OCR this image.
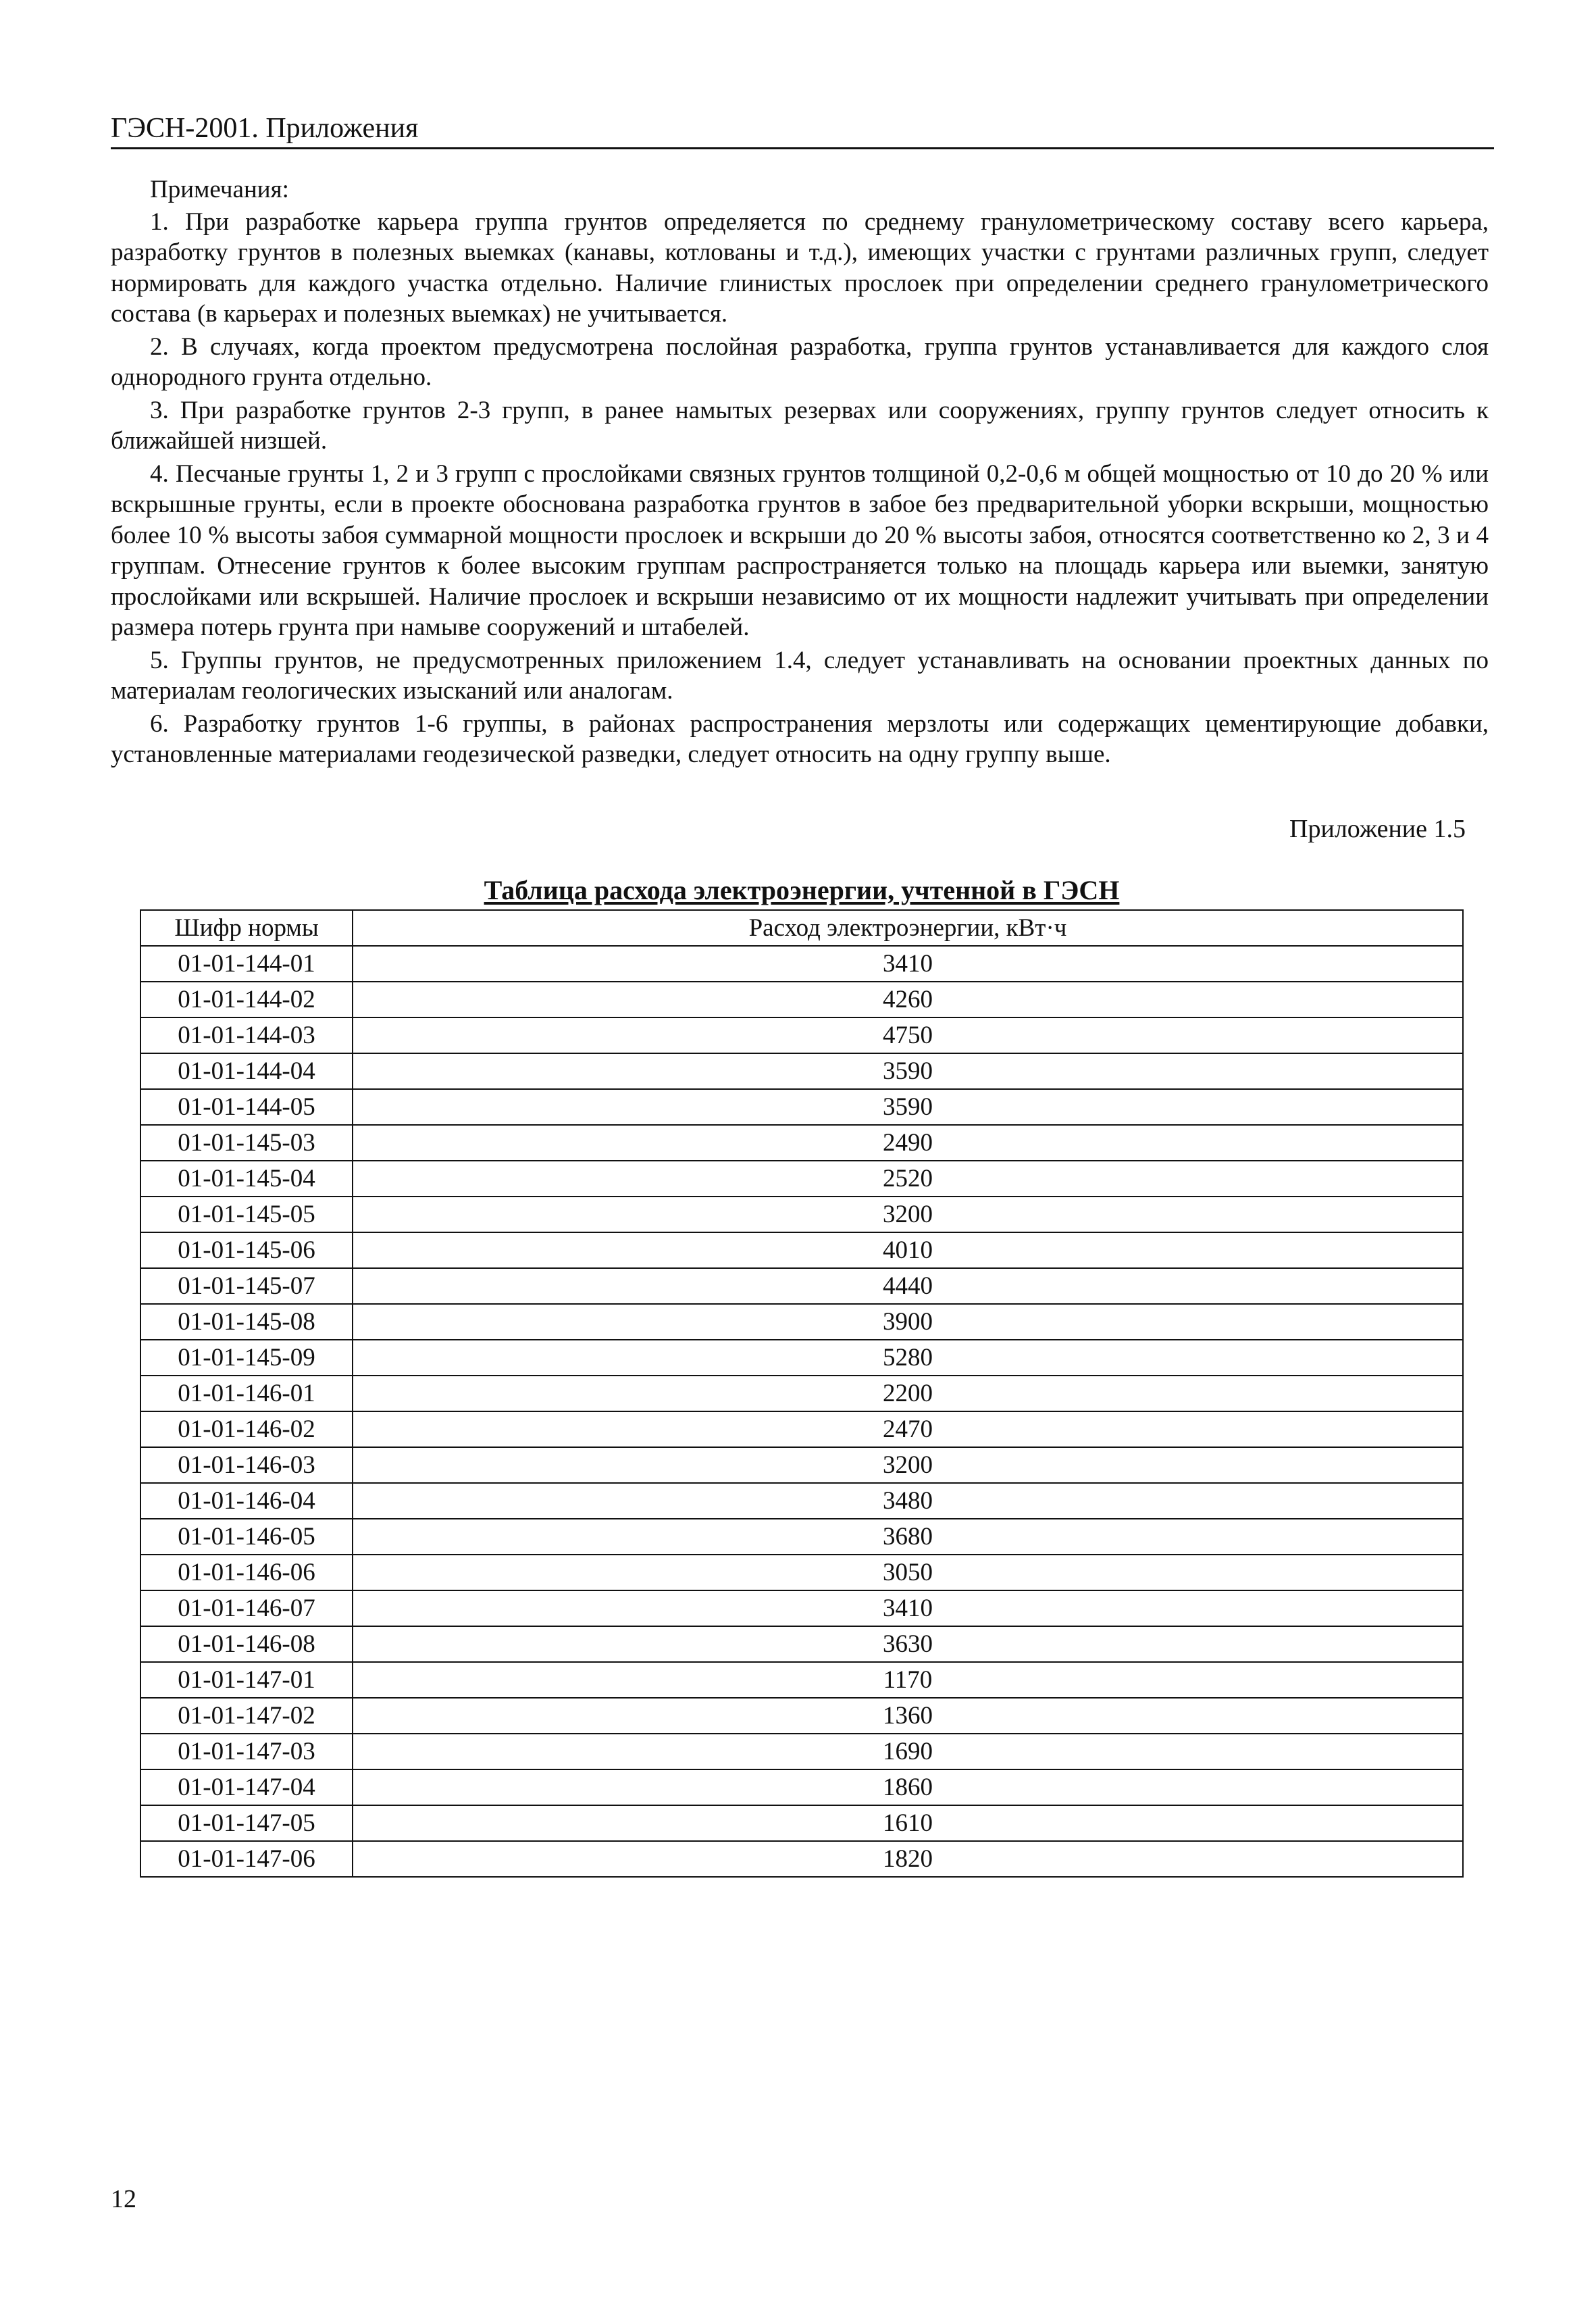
ГЭСН-2001. Приложения

Примечания:

1. При разработке карьера группа грунтов определяется по среднему гранулометрическому составу всего карьера, разработку грунтов в полезных выемках (канавы, котлованы и т.д.), имеющих участки с грунтами различных групп, следует нормировать для каждого участка отдельно. Наличие глинистых прослоек при определении среднего гранулометрического состава (в карьерах и полезных выемках) не учитывается.
2. В случаях, когда проектом предусмотрена послойная разработка, группа грунтов устанавливается для каждого слоя однородного грунта отдельно.
3. При разработке грунтов 2-3 групп, в ранее намытых резервах или сооружениях, группу грунтов следует относить к ближайшей низшей.
4. Песчаные грунты 1, 2 и 3 групп с прослойками связных грунтов толщиной 0,2-0,6 м общей мощностью от 10 до 20 % или вскрышные грунты, если в проекте обоснована разработка грунтов в забое без предварительной уборки вскрыши, мощностью более 10 % высоты забоя суммарной мощности прослоек и вскрыши до 20 % высоты забоя, относятся соответственно ко 2, 3 и 4 группам. Отнесение грунтов к более высоким группам распространяется только на площадь карьера или выемки, занятую прослойками или вскрышей. Наличие прослоек и вскрыши независимо от их мощности надлежит учитывать при определении размера потерь грунта при намыве сооружений и штабелей.
5. Группы грунтов, не предусмотренных приложением 1.4, следует устанавливать на основании проектных данных по материалам геологических изысканий или аналогам.
6. Разработку грунтов 1-6 группы, в районах распространения мерзлоты или содержащих цементирующие добавки, установленные материалами геодезической разведки, следует относить на одну группу выше.
Приложение 1.5
Таблица расхода электроэнергии, учтенной в ГЭСН
Шифр нормы	Расход электроэнергии, кВт·ч
01-01-144-01	3410
01-01-144-02	4260
01-01-144-03	4750
01-01-144-04	3590
01-01-144-05	3590
01-01-145-03	2490
01-01-145-04	2520
01-01-145-05	3200
01-01-145-06	4010
01-01-145-07	4440
01-01-145-08	3900
01-01-145-09	5280
01-01-146-01	2200
01-01-146-02	2470
01-01-146-03	3200
01-01-146-04	3480
01-01-146-05	3680
01-01-146-06	3050
01-01-146-07	3410
01-01-146-08	3630
01-01-147-01	1170
01-01-147-02	1360
01-01-147-03	1690
01-01-147-04	1860
01-01-147-05	1610
01-01-147-06	1820
12
